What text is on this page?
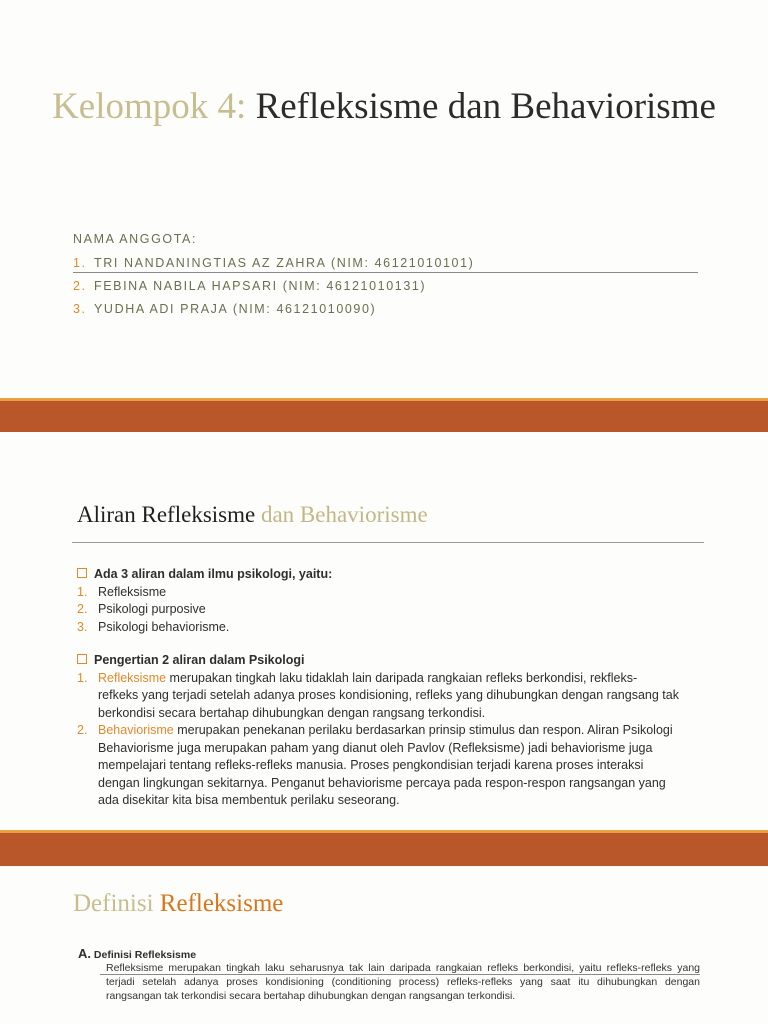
Kelompok 4: Refleksisme dan Behaviorisme
NAMA ANGGOTA:
1. TRI NANDANINGTIAS AZ ZAHRA (NIM: 46121010101)
2. FEBINA NABILA HAPSARI (NIM: 46121010131)
3. YUDHA ADI PRAJA (NIM: 46121010090)
Aliran Refleksisme dan Behaviorisme
Ada 3 aliran dalam ilmu psikologi, yaitu:
1. Refleksisme
2. Psikologi purposive
3. Psikologi behaviorisme.
Pengertian 2 aliran dalam Psikologi
1. Refleksisme merupakan tingkah laku tidaklah lain daripada rangkaian refleks berkondisi, rekfleks-
refkeks yang terjadi setelah adanya proses kondisioning, refleks yang dihubungkan dengan rangsang tak
berkondisi secara bertahap dihubungkan dengan rangsang terkondisi.
2. Behaviorisme merupakan penekanan perilaku berdasarkan prinsip stimulus dan respon. Aliran Psikologi
Behaviorisme juga merupakan paham yang dianut oleh Pavlov (Refleksisme) jadi behaviorisme juga
mempelajari tentang refleks-refleks manusia. Proses pengkondisian terjadi karena proses interaksi
dengan lingkungan sekitarnya. Penganut behaviorisme percaya pada respon-respon rangsangan yang
ada disekitar kita bisa membentuk perilaku seseorang.
Definisi Refleksisme
A. Definisi Refleksisme
Refleksisme merupakan tingkah laku seharusnya tak lain daripada rangkaian refleks berkondisi, yaitu refleks-refleks yang terjadi setelah adanya proses kondisioning (conditioning process) refleks-refleks yang saat itu dihubungkan dengan rangsangan tak terkondisi secara bertahap dihubungkan dengan rangsangan terkondisi.
